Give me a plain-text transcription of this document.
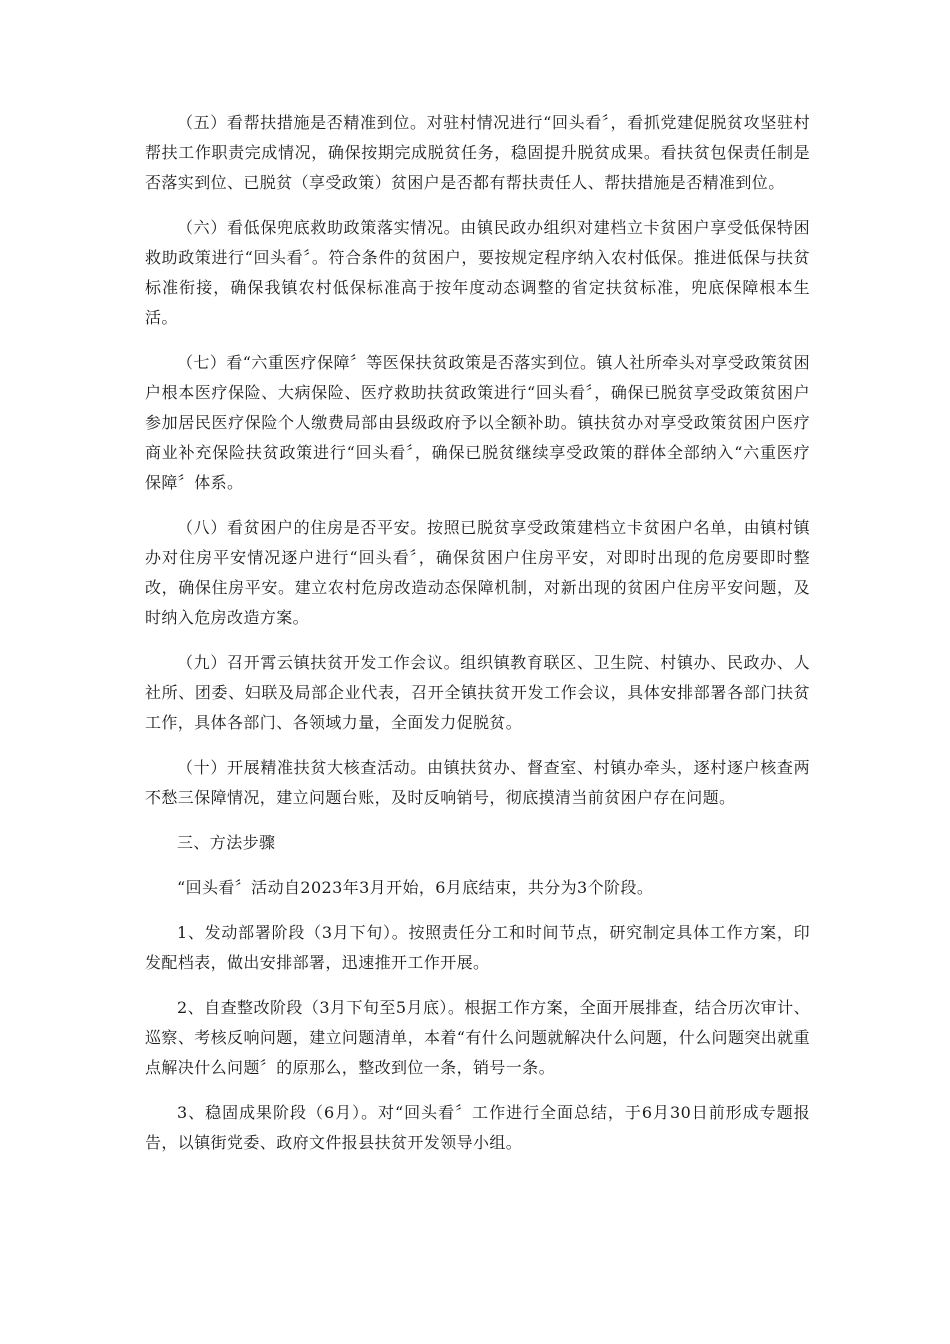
（五）看帮扶措施是否精准到位。对驻村情况进行“回头看〞，看抓党建促脱贫攻坚驻村帮扶工作职责完成情况，确保按期完成脱贫任务，稳固提升脱贫成果。看扶贫包保责任制是否落实到位、已脱贫（享受政策）贫困户是否都有帮扶责任人、帮扶措施是否精准到位。

（六）看低保兜底救助政策落实情况。由镇民政办组织对建档立卡贫困户享受低保特困救助政策进行“回头看〞。符合条件的贫困户，要按规定程序纳入农村低保。推进低保与扶贫标准衔接，确保我镇农村低保标准高于按年度动态调整的省定扶贫标准，兜底保障根本生活。

（七）看“六重医疗保障〞等医保扶贫政策是否落实到位。镇人社所牵头对享受政策贫困户根本医疗保险、大病保险、医疗救助扶贫政策进行“回头看〞，确保已脱贫享受政策贫困户参加居民医疗保险个人缴费局部由县级政府予以全额补助。镇扶贫办对享受政策贫困户医疗商业补充保险扶贫政策进行“回头看〞，确保已脱贫继续享受政策的群体全部纳入“六重医疗保障〞体系。

（八）看贫困户的住房是否平安。按照已脱贫享受政策建档立卡贫困户名单，由镇村镇办对住房平安情况逐户进行“回头看〞，确保贫困户住房平安，对即时出现的危房要即时整改，确保住房平安。建立农村危房改造动态保障机制，对新出现的贫困户住房平安问题，及时纳入危房改造方案。

（九）召开霄云镇扶贫开发工作会议。组织镇教育联区、卫生院、村镇办、民政办、人社所、团委、妇联及局部企业代表，召开全镇扶贫开发工作会议，具体安排部署各部门扶贫工作，具体各部门、各领域力量，全面发力促脱贫。

（十）开展精准扶贫大核查活动。由镇扶贫办、督查室、村镇办牵头，逐村逐户核查两不愁三保障情况，建立问题台账，及时反响销号，彻底摸清当前贫困户存在问题。

三、方法步骤

“回头看〞活动自2023年3月开始，6月底结束，共分为3个阶段。

1、发动部署阶段（3月下旬）。按照责任分工和时间节点，研究制定具体工作方案，印发配档表，做出安排部署，迅速推开工作开展。

2、自查整改阶段（3月下旬至5月底）。根据工作方案，全面开展排查，结合历次审计、巡察、考核反响问题，建立问题清单，本着“有什么问题就解决什么问题，什么问题突出就重点解决什么问题〞的原那么，整改到位一条，销号一条。

3、稳固成果阶段（6月）。对“回头看〞工作进行全面总结，于6月30日前形成专题报告，以镇街党委、政府文件报县扶贫开发领导小组。
